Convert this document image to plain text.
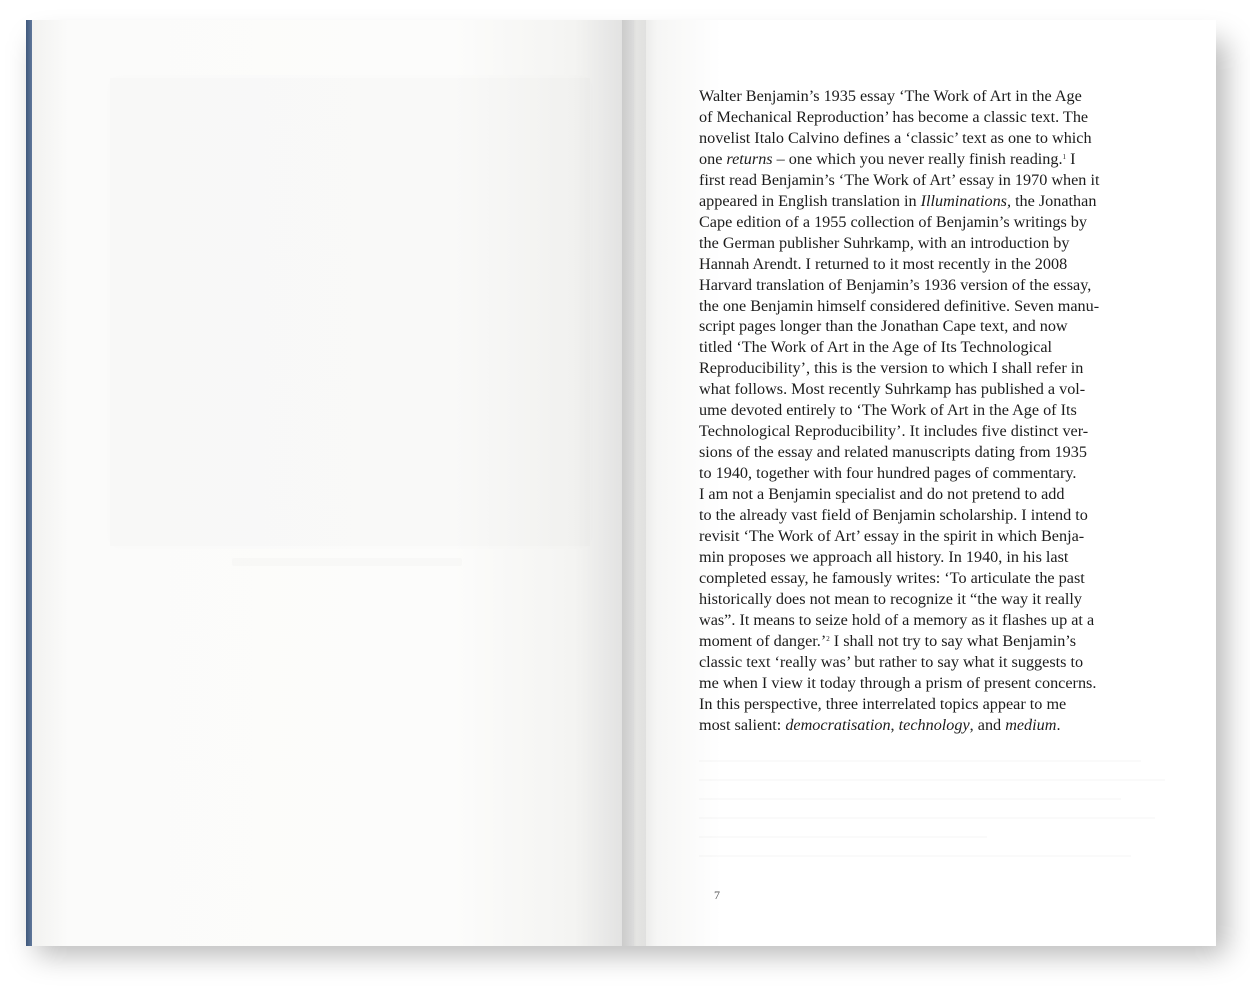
Walter Benjamin’s 1935 essay ‘The Work of Art in the Age
of Mechanical Reproduction’ has become a classic text. The
novelist Italo Calvino defines a ‘classic’ text as one to which
one returns – one which you never really finish reading.$^1$ I
first read Benjamin’s ‘The Work of Art’ essay in 1970 when it
appeared in English translation in Illuminations, the Jonathan
Cape edition of a 1955 collection of Benjamin’s writings by
the German publisher Suhrkamp, with an introduction by
Hannah Arendt. I returned to it most recently in the 2008
Harvard translation of Benjamin’s 1936 version of the essay,
the one Benjamin himself considered definitive. Seven manu-
script pages longer than the Jonathan Cape text, and now
titled ‘The Work of Art in the Age of Its Technological
Reproducibility’, this is the version to which I shall refer in
what follows. Most recently Suhrkamp has published a vol-
ume devoted entirely to ‘The Work of Art in the Age of Its
Technological Reproducibility’. It includes five distinct ver-
sions of the essay and related manuscripts dating from 1935
to 1940, together with four hundred pages of commentary.
I am not a Benjamin specialist and do not pretend to add
to the already vast field of Benjamin scholarship. I intend to
revisit ‘The Work of Art’ essay in the spirit in which Benja-
min proposes we approach all history. In 1940, in his last
completed essay, he famously writes: ‘To articulate the past
historically does not mean to recognize it “the way it really
was”. It means to seize hold of a memory as it flashes up at a
moment of danger.’$^2$ I shall not try to say what Benjamin’s
classic text ‘really was’ but rather to say what it suggests to
me when I view it today through a prism of present concerns.
In this perspective, three interrelated topics appear to me
most salient: democratisation, technology, and medium.

7
